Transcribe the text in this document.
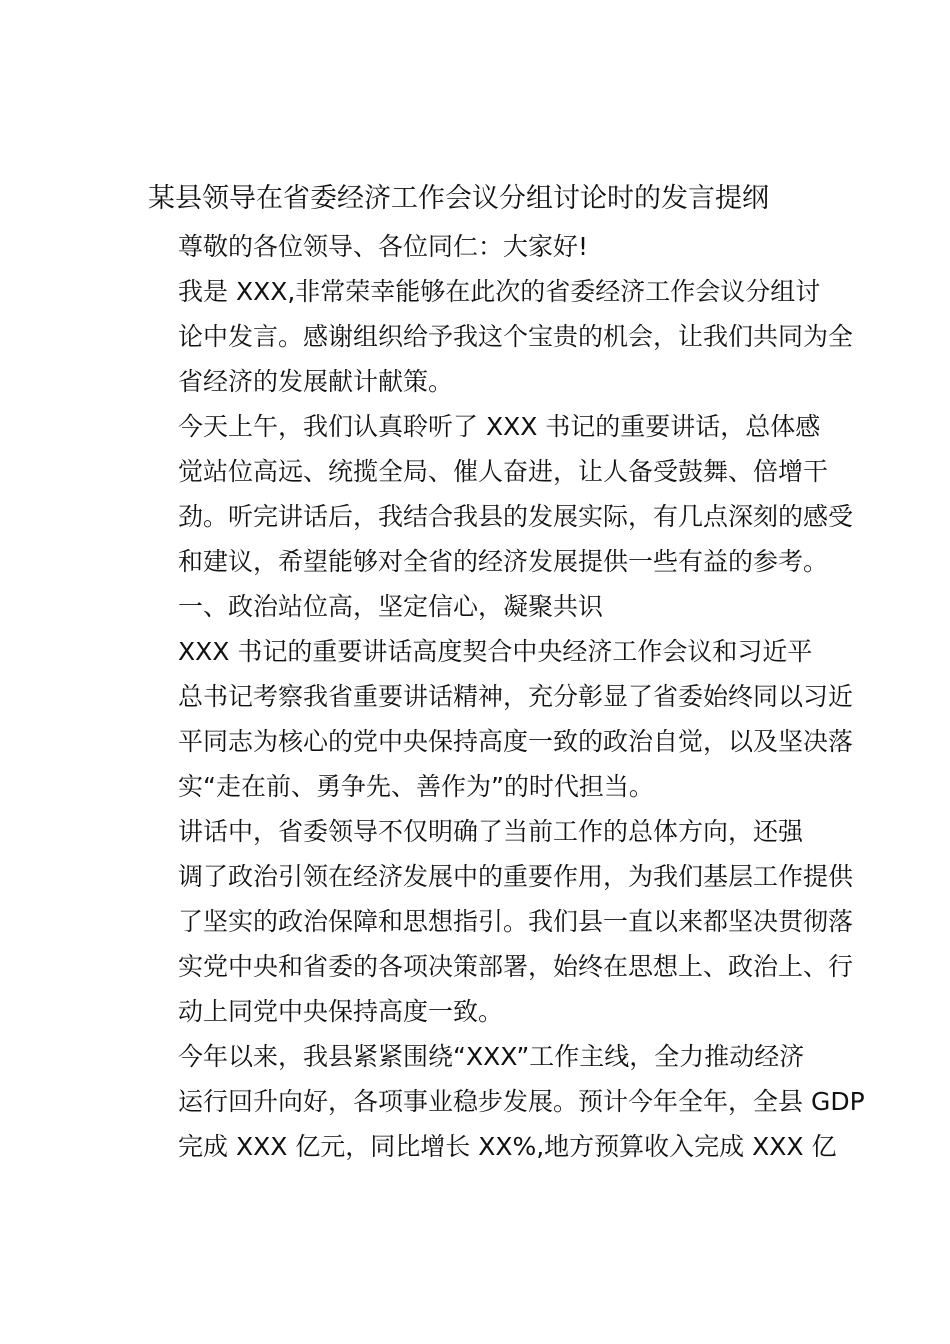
某县领导在省委经济工作会议分组讨论时的发言提纲

尊敬的各位领导、各位同仁：大家好!

我是 XXX,非常荣幸能够在此次的省委经济工作会议分组讨
论中发言。感谢组织给予我这个宝贵的机会，让我们共同为全
省经济的发展献计献策。

今天上午，我们认真聆听了 XXX 书记的重要讲话，总体感
觉站位高远、统揽全局、催人奋进，让人备受鼓舞、倍增干
劲。听完讲话后，我结合我县的发展实际，有几点深刻的感受
和建议，希望能够对全省的经济发展提供一些有益的参考。

一、政治站位高，坚定信心，凝聚共识

XXX 书记的重要讲话高度契合中央经济工作会议和习近平
总书记考察我省重要讲话精神，充分彰显了省委始终同以习近
平同志为核心的党中央保持高度一致的政治自觉，以及坚决落
实“走在前、勇争先、善作为”的时代担当。

讲话中，省委领导不仅明确了当前工作的总体方向，还强
调了政治引领在经济发展中的重要作用，为我们基层工作提供
了坚实的政治保障和思想指引。我们县一直以来都坚决贯彻落
实党中央和省委的各项决策部署，始终在思想上、政治上、行
动上同党中央保持高度一致。

今年以来，我县紧紧围绕“XXX”工作主线，全力推动经济
运行回升向好，各项事业稳步发展。预计今年全年，全县 GDP
完成 XXX 亿元，同比增长 XX%,地方预算收入完成 XXX 亿
